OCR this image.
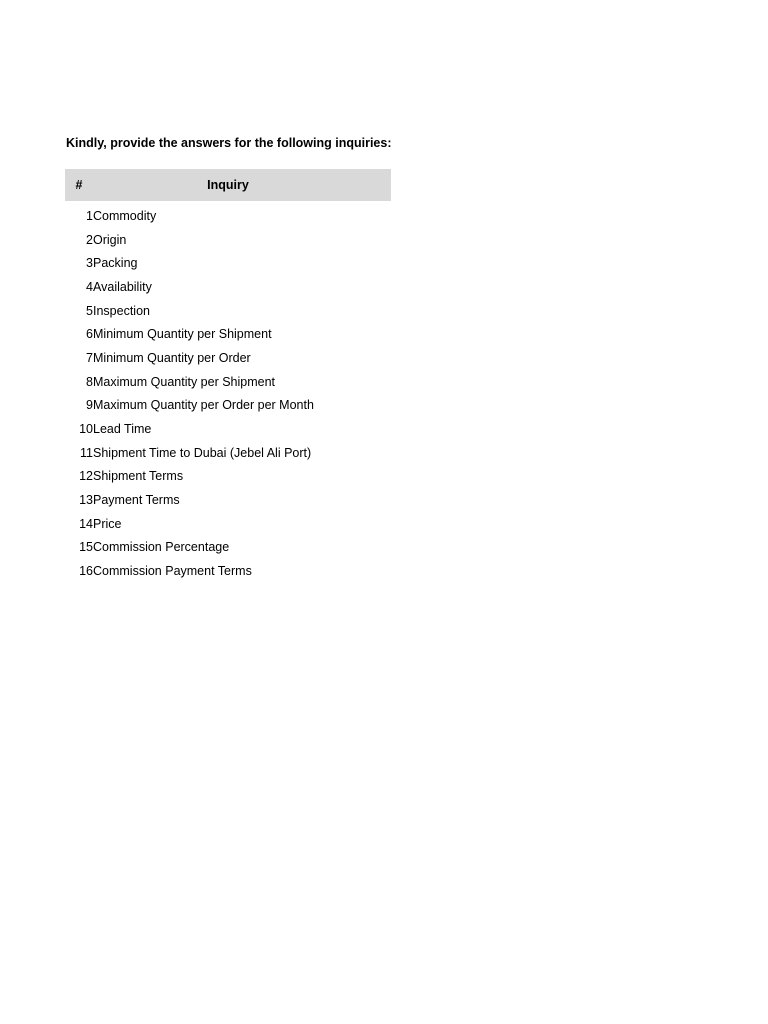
Kindly, provide the answers for the following inquiries:
#	Inquiry

1	Commodity
2	Origin
3	Packing
4	Availability
5	Inspection
6	Minimum Quantity per Shipment
7	Minimum Quantity per Order
8	Maximum Quantity per Shipment
9	Maximum Quantity per Order per Month
10	Lead Time
11	Shipment Time to Dubai (Jebel Ali Port)
12	Shipment Terms
13	Payment Terms
14	Price
15	Commission Percentage
16	Commission Payment Terms
